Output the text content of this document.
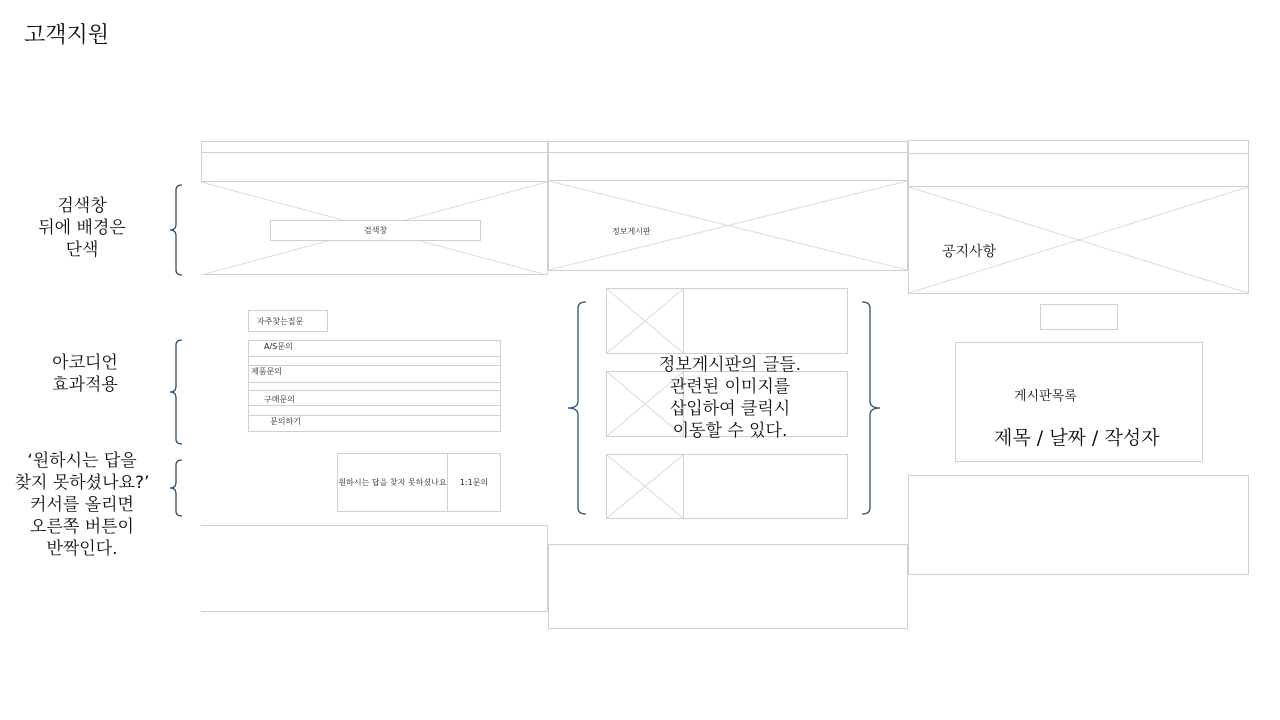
고객지원
검색창
뒤에 배경은
단색
아코디언
효과적용
‘원하시는 답을
찾지 못하셨나요?’
커서를 올리면
오른쪽 버튼이
반짝인다.
검색창
자주찾는질문
A/S문의
제품문의
구매문의
문의하기
원하시는 답을 찾지 못하셨나요 1:1문의
정보게시판
정보게시판의 글들.
관련된 이미지를
삽입하여 클릭시
이동할 수 있다.
공지사항
게시판목록
제목 / 날짜 / 작성자
